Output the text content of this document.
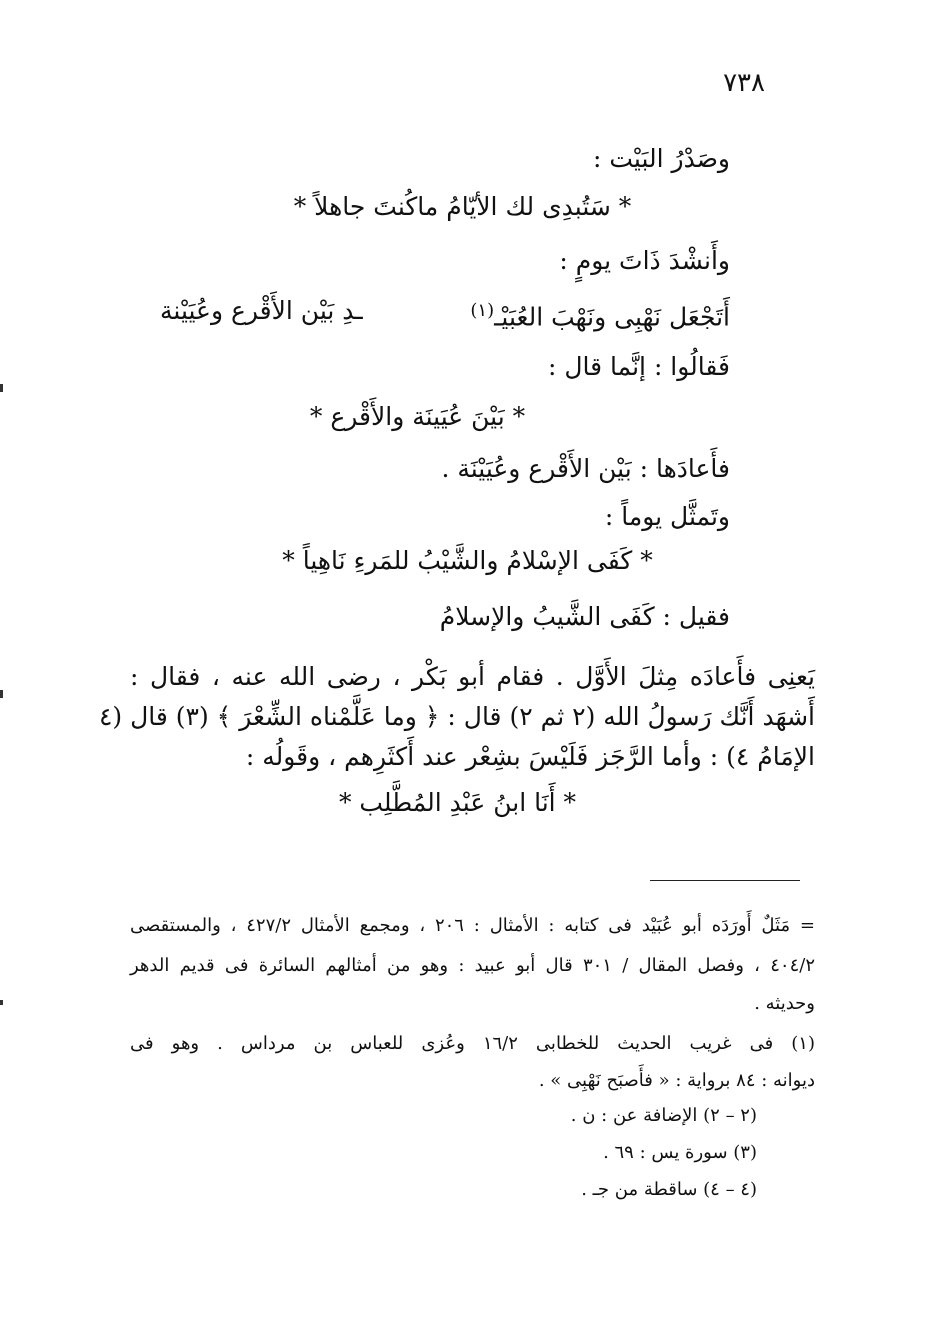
٧٣٨
وصَدْرُ البَيْت :
* سَتُبدِى لك الأيّامُ ماكُنتَ جاهلاً *
وأَنشْدَ ذَاتَ يومٍ :
أَتَجْعَل نَهْبِى ونَهْبَ العُبَيْـ$^{(١)}$
ـدِ بَيْن الأَقْرع وعُيَيْنة
فَقالُوا : إنَّما قال :
* بَيْنَ عُيَينَة والأَقْرع *
فأَعادَها : بَيْن الأَقْرع وعُيَيْنَة .
وتَمثَّل يوماً :
* كَفَى الإسْلامُ والشَّيْبُ للمَرءِ نَاهِياً *
فقيل : كَفَى الشَّيبُ والإسلامُ
يَعنِى فأَعادَه مِثلَ الأَوَّل . فقام أبو بَكْر ، رضى الله عنه ، فقال :
أَشهَد أَنَّك رَسولُ الله (٢ ثم ٢) قال : ﴿ وما عَلَّمْناه الشِّعْرَ ﴾ (٣) قال (٤
الإمَامُ ٤) : وأما الرَّجَز فَلَيْسَ بشِعْر عند أَكثَرِهم ، وقَولُه :
* أَنَا ابنُ عَبْدِ المُطَّلِب *
= مَثَلٌ أَورَدَه أبو عُبَيْد فى كتابه : الأمثال : ٢٠٦ ، ومجمع الأمثال ٤٢٧/٢ ، والمستقصى
٤٠٤/٢ ، وفصل المقال / ٣٠١ قال أبو عبيد : وهو من أمثالهم السائرة فى قديم الدهر
وحديثه .
(١) فى غريب الحديث للخطابى ١٦/٢ وعُزى للعباس بن مرداس . وهو فى
ديوانه : ٨٤ برواية : « فأَصبَح نَهْبِى » .
(٢ – ٢) الإضافة عن : ن .
(٣) سورة يس : ٦٩ .
(٤ – ٤) ساقطة من جـ .
